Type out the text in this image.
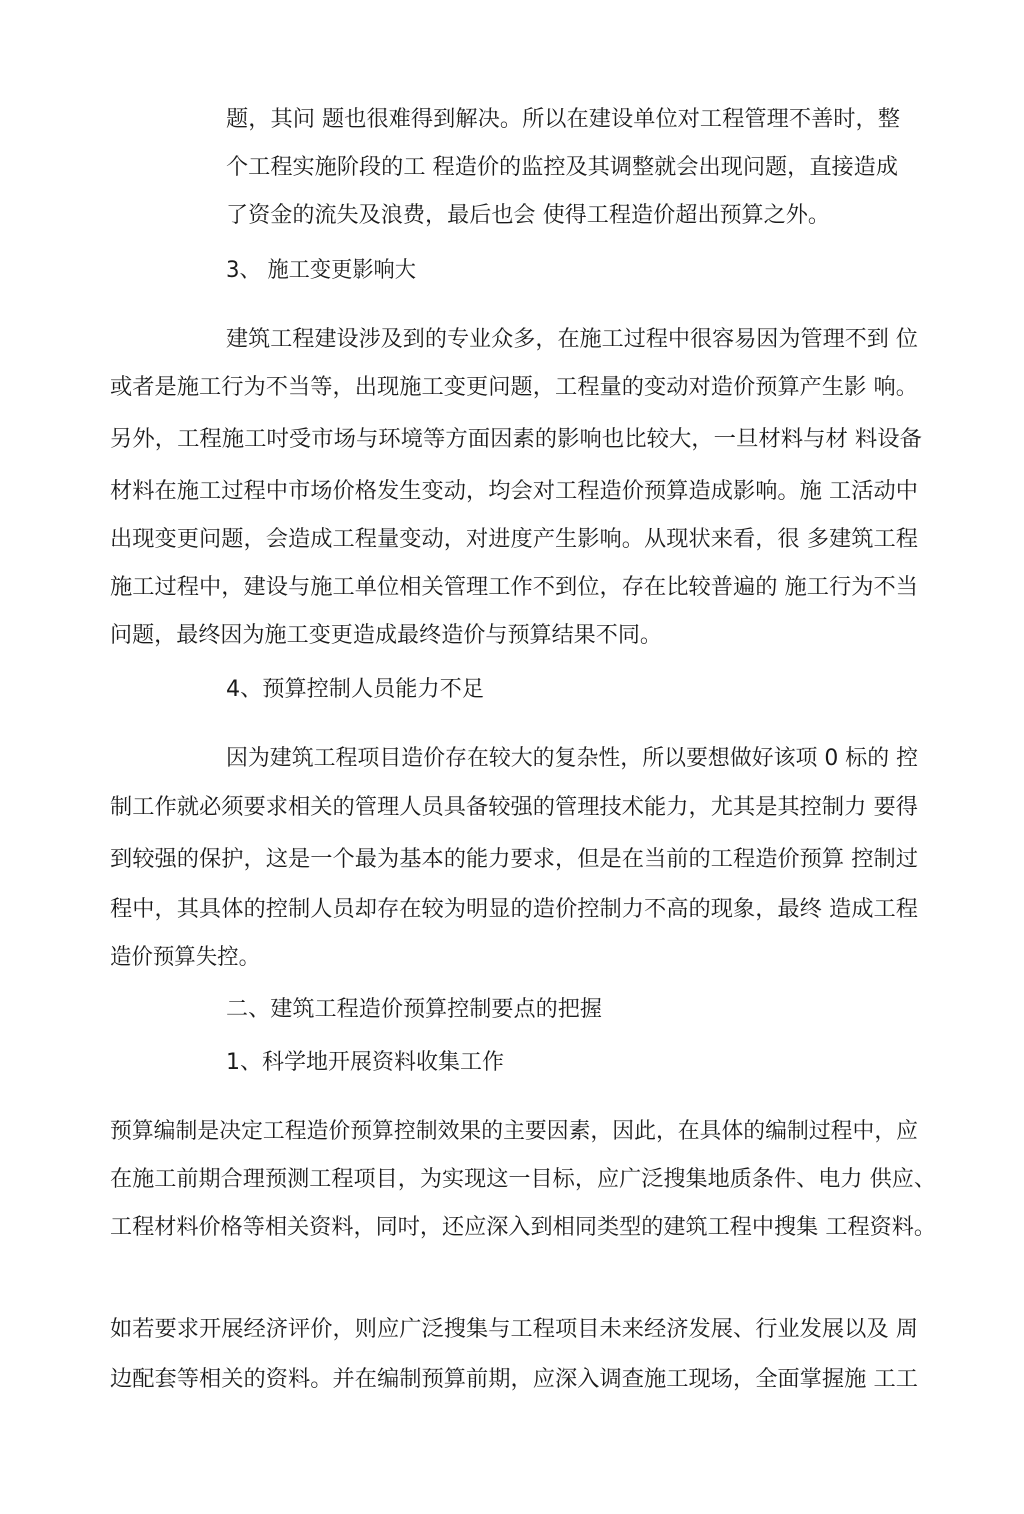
题，其问 题也很难得到解决。所以在建设单位对工程管理不善时，整
个工程实施阶段的工 程造价的监控及其调整就会出现问题，直接造成
了资金的流失及浪费，最后也会 使得工程造价超出预算之外。
3、 施工变更影响大
建筑工程建设涉及到的专业众多，在施工过程中很容易因为管理不到 位
或者是施工行为不当等，出现施工变更问题，工程量的变动对造价预算产生影 响。
另外，工程施工吋受市场与环境等方面因素的影响也比较大，一旦材料与材 料设备
材料在施工过程中市场价格发生变动，均会对工程造价预算造成影响。施 工活动中
出现变更问题，会造成工程量变动，对进度产生影响。从现状来看，很 多建筑工程
施工过程中，建设与施工单位相关管理工作不到位，存在比较普遍的 施工行为不当
问题，最终因为施工变更造成最终造价与预算结果不同。
4、预算控制人员能力不足
因为建筑工程项目造价存在较大的复杂性，所以要想做好该项 0 标的 控
制工作就必须要求相关的管理人员具备较强的管理技术能力，尤其是其控制力 要得
到较强的保护，这是一个最为基本的能力要求，但是在当前的工程造价预算 控制过
程中，其具体的控制人员却存在较为明显的造价控制力不高的现象，最终 造成工程
造价预算失控。
二、建筑工程造价预算控制要点的把握
1、科学地开展资料收集工作
预算编制是决定工程造价预算控制效果的主要因素，因此，在具体的编制过程中，应
在施工前期合理预测工程项目，为实现这一目标，应广泛搜集地质条件、电力 供应、
工程材料价格等相关资料，同吋，还应深入到相同类型的建筑工程中搜集 工程资料。
如若要求开展经济评价，则应广泛搜集与工程项目未来经济发展、行业发展以及 周
边配套等相关的资料。并在编制预算前期，应深入调查施工现场，全面掌握施 工工
